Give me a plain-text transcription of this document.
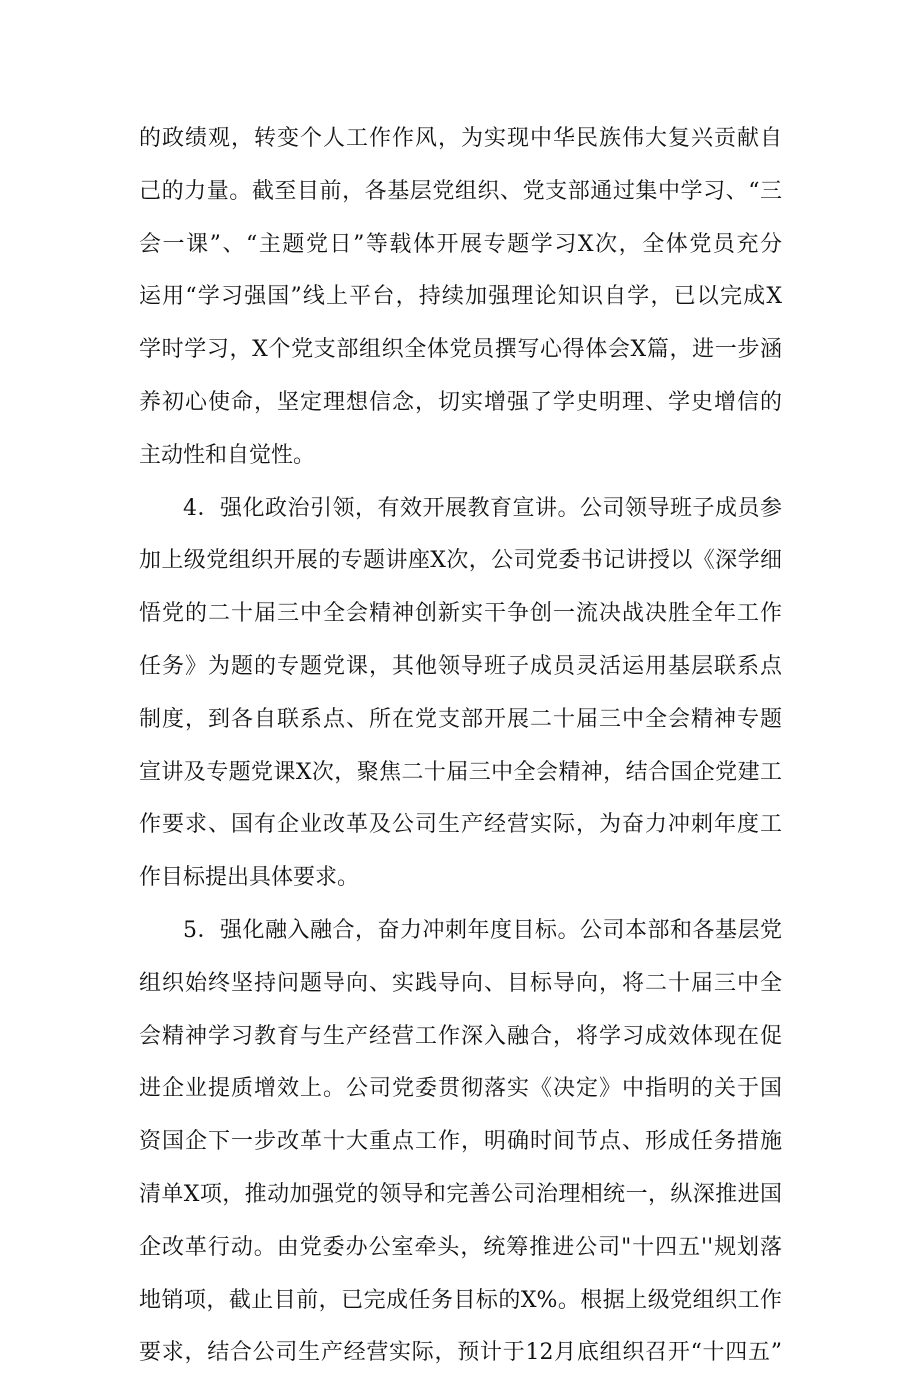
的政绩观，转变个人工作作风，为实现中华民族伟大复兴贡献自
己的力量。截至目前，各基层党组织、党支部通过集中学习、“三
会一课”、“主题党日”等载体开展专题学习X次，全体党员充分
运用“学习强国”线上平台，持续加强理论知识自学，已以完成X
学时学习，X个党支部组织全体党员撰写心得体会X篇，进一步涵
养初心使命，坚定理想信念，切实增强了学史明理、学史增信的
主动性和自觉性。
4．强化政治引领，有效开展教育宣讲。公司领导班子成员参
加上级党组织开展的专题讲座X次，公司党委书记讲授以《深学细
悟党的二十届三中全会精神创新实干争创一流决战决胜全年工作
任务》为题的专题党课，其他领导班子成员灵活运用基层联系点
制度，到各自联系点、所在党支部开展二十届三中全会精神专题
宣讲及专题党课X次，聚焦二十届三中全会精神，结合国企党建工
作要求、国有企业改革及公司生产经营实际，为奋力冲刺年度工
作目标提出具体要求。
5．强化融入融合，奋力冲刺年度目标。公司本部和各基层党
组织始终坚持问题导向、实践导向、目标导向，将二十届三中全
会精神学习教育与生产经营工作深入融合，将学习成效体现在促
进企业提质增效上。公司党委贯彻落实《决定》中指明的关于国
资国企下一步改革十大重点工作，明确时间节点、形成任务措施
清单X项，推动加强党的领导和完善公司治理相统一，纵深推进国
企改革行动。由党委办公室牵头，统筹推进公司"十四五''规划落
地销项，截止目前，已完成任务目标的X%。根据上级党组织工作
要求，结合公司生产经营实际，预计于12月底组织召开“十四五”
